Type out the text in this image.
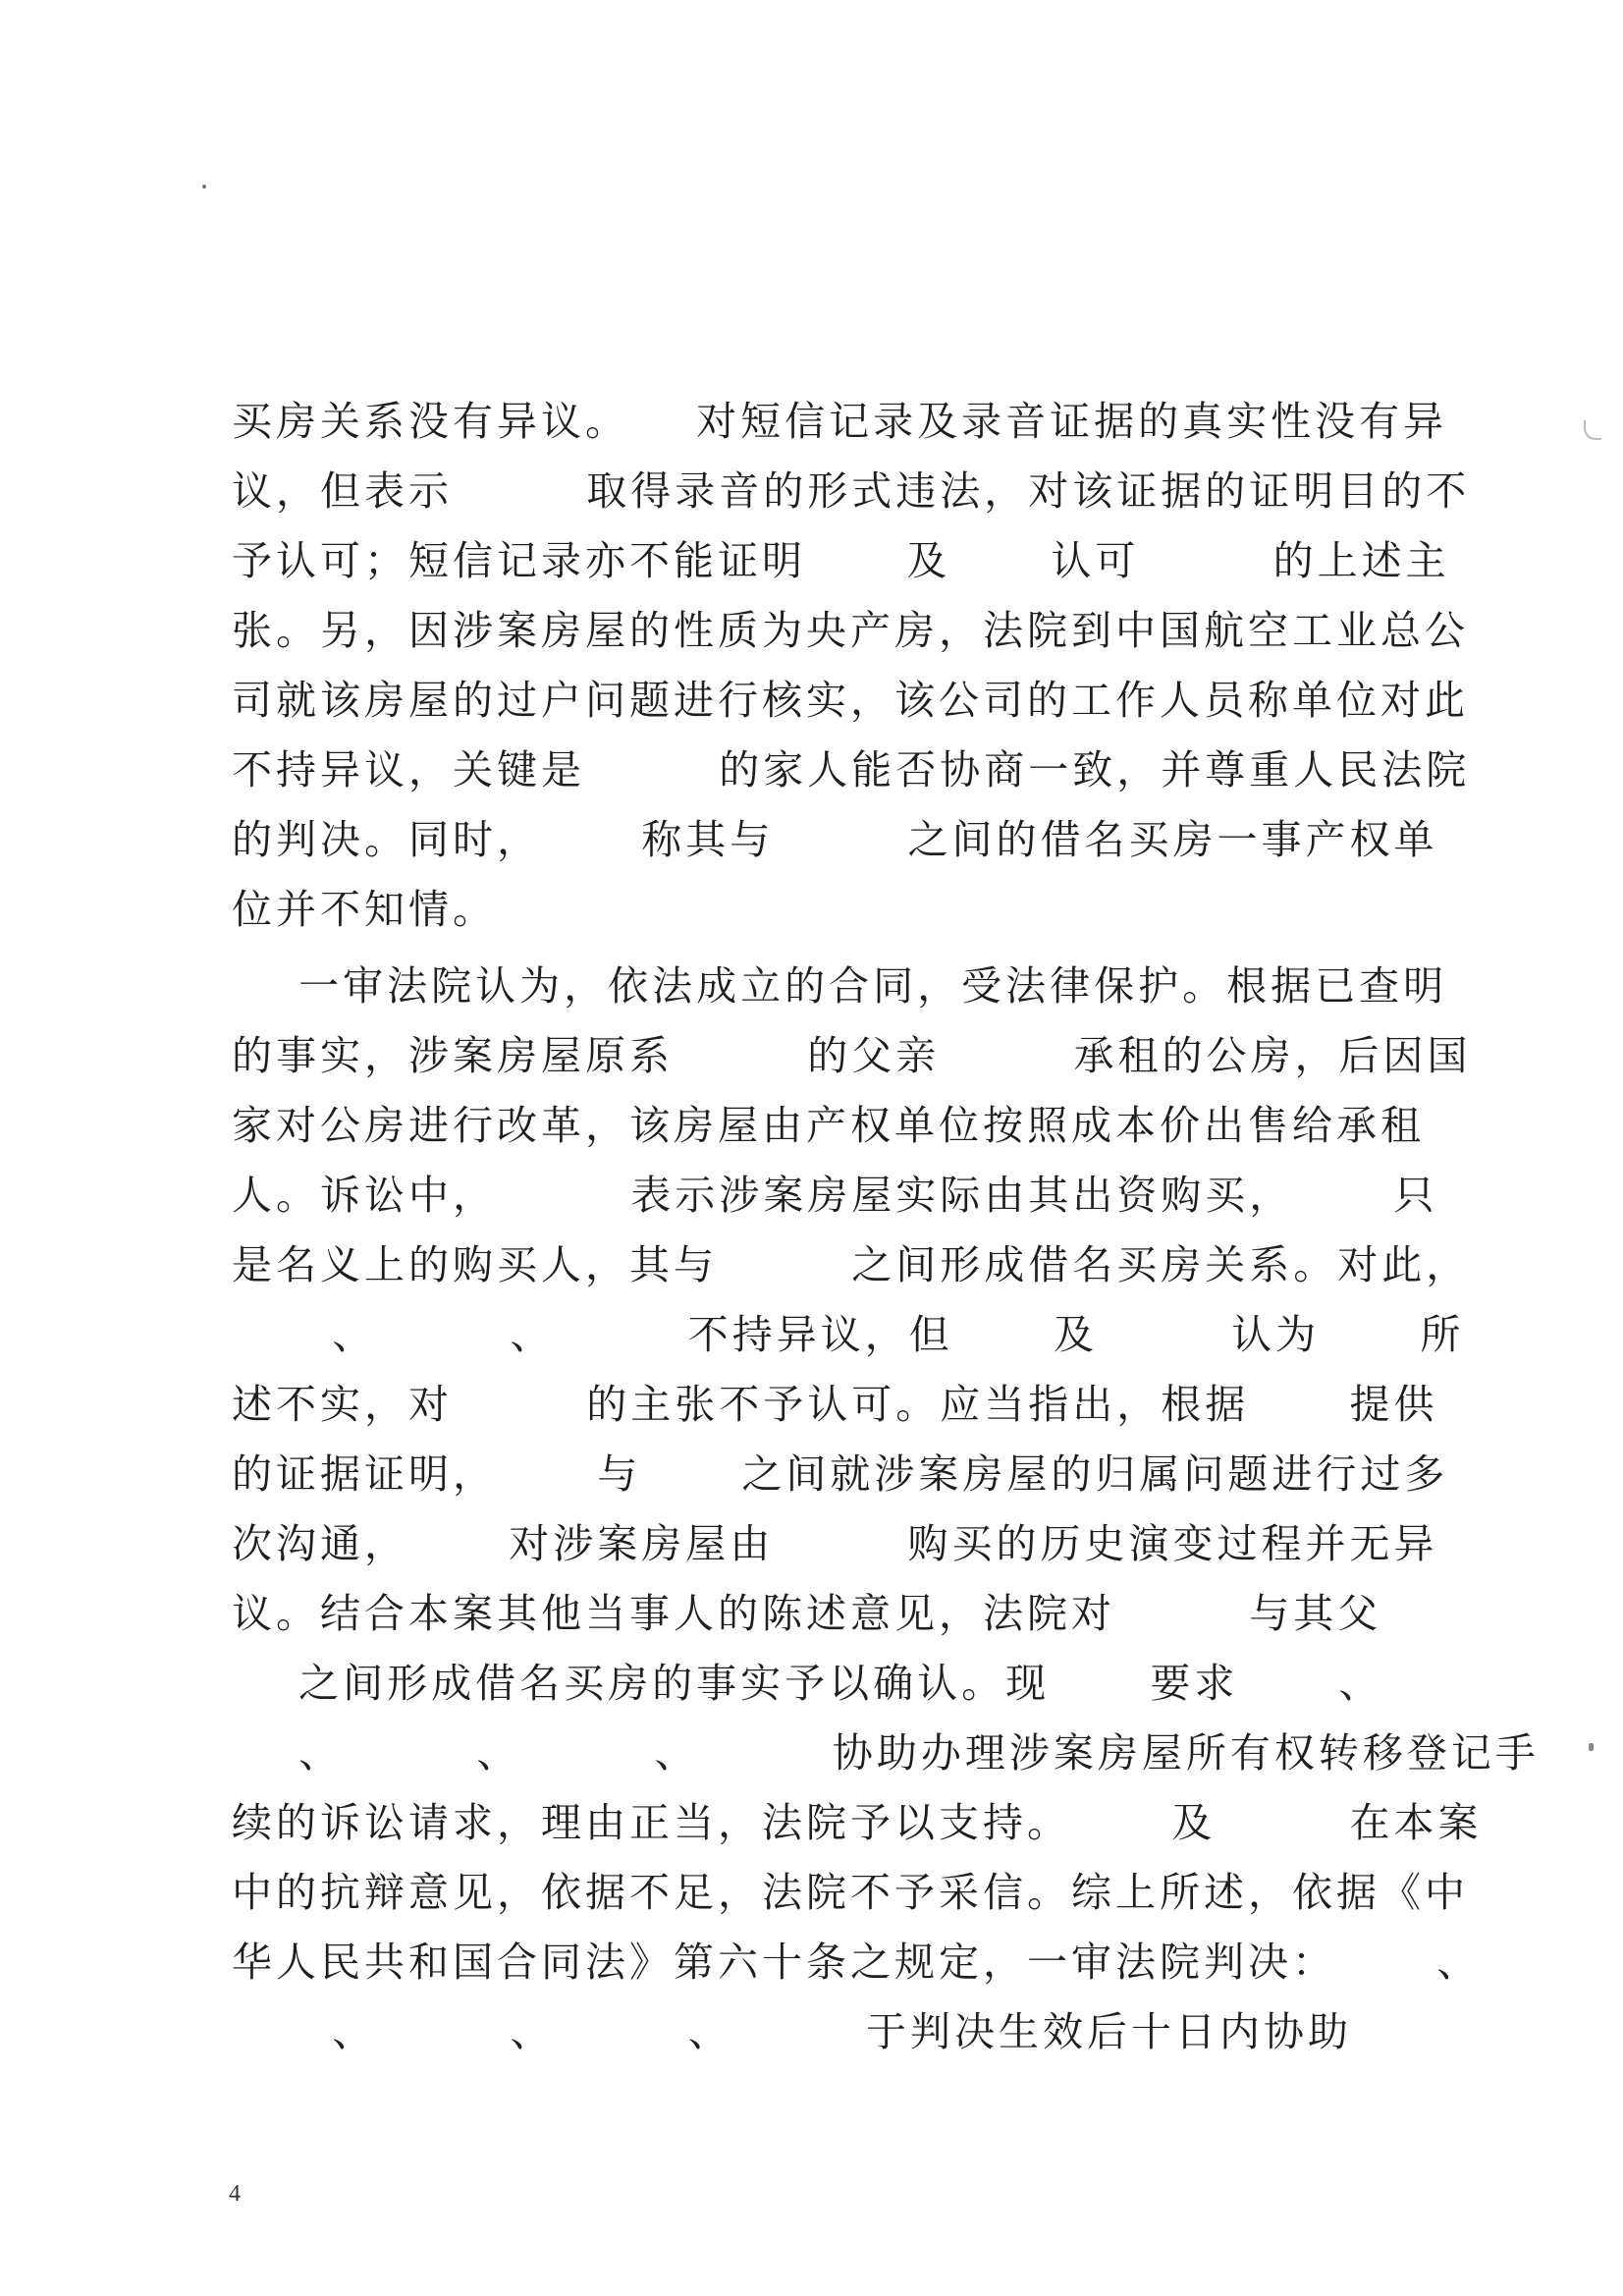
买房关系没有异议。    对短信记录及录音证据的真实性没有异
议，但表示        取得录音的形式违法，对该证据的证明目的不
予认可；短信记录亦不能证明      及      认可        的上述主
张。另，因涉案房屋的性质为央产房，法院到中国航空工业总公
司就该房屋的过户问题进行核实，该公司的工作人员称单位对此
不持异议，关键是        的家人能否协商一致，并尊重人民法院
的判决。同时，      称其与        之间的借名买房一事产权单
位并不知情。
一审法院认为，依法成立的合同，受法律保护。根据已查明
的事实，涉案房屋原系        的父亲        承租的公房，后因国
家对公房进行改革，该房屋由产权单位按照成本价出售给承租
人。诉讼中，        表示涉案房屋实际由其出资购买，      只
是名义上的购买人，其与        之间形成借名买房关系。对此，
、        、        不持异议，但      及        认为      所
述不实，对        的主张不予认可。应当指出，根据      提供
的证据证明，      与      之间就涉案房屋的归属问题进行过多
次沟通，      对涉案房屋由        购买的历史演变过程并无异
议。结合本案其他当事人的陈述意见，法院对        与其父
之间形成借名买房的事实予以确认。现      要求      、
、        、        、        协助办理涉案房屋所有权转移登记手
续的诉讼请求，理由正当，法院予以支持。      及        在本案
中的抗辩意见，依据不足，法院不予采信。综上所述，依据《中
华人民共和国合同法》第六十条之规定，一审法院判决：      、
、        、        、        于判决生效后十日内协助
4
